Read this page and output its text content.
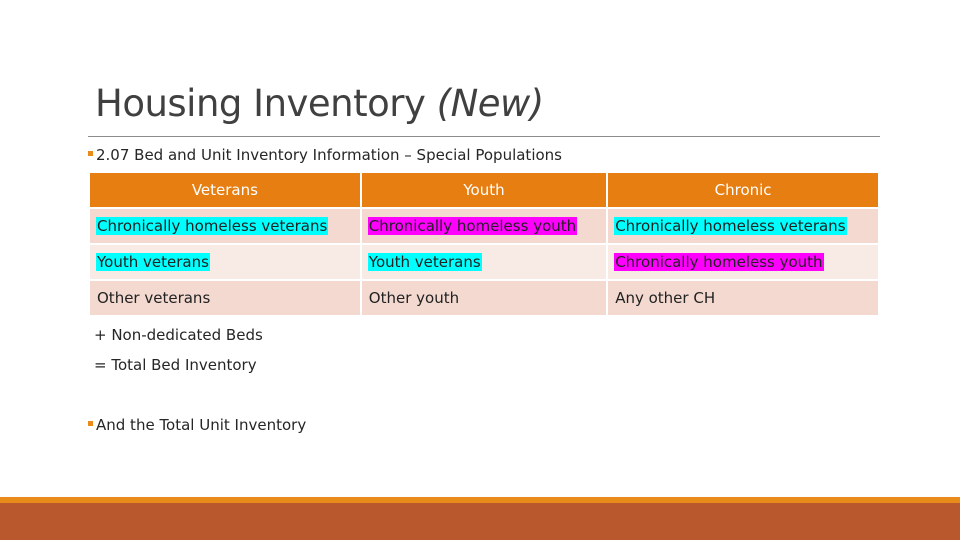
Housing Inventory (New)
2.07 Bed and Unit Inventory Information – Special Populations
Veterans	Youth	Chronic
Chronically homeless veterans	Chronically homeless youth	Chronically homeless veterans
Youth veterans	Youth veterans	Chronically homeless youth
Other veterans	Other youth	Any other CH
+ Non-dedicated Beds
= Total Bed Inventory
And the Total Unit Inventory
